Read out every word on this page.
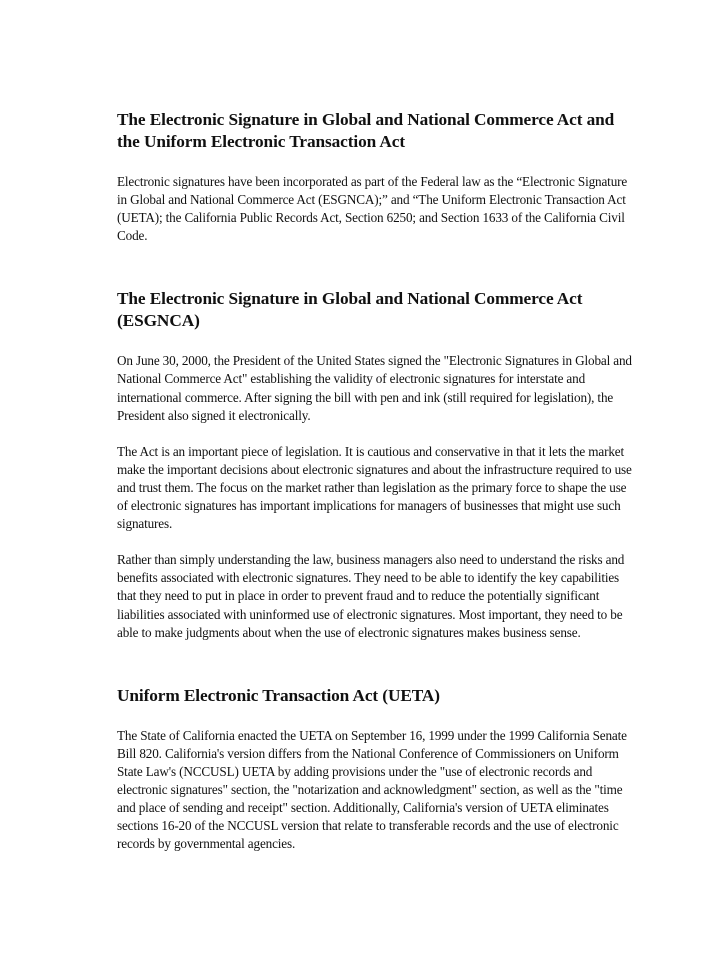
The Electronic Signature in Global and National Commerce Act and the Uniform Electronic Transaction Act

Electronic signatures have been incorporated as part of the Federal law as the “Electronic Signature in Global and National Commerce Act (ESGNCA);” and “The Uniform Electronic Transaction Act (UETA); the California Public Records Act, Section 6250; and Section 1633 of the California Civil Code.

The Electronic Signature in Global and National Commerce Act (ESGNCA)

On June 30, 2000, the President of the United States signed the "Electronic Signatures in Global and National Commerce Act" establishing the validity of electronic signatures for interstate and international commerce. After signing the bill with pen and ink (still required for legislation), the President also signed it electronically.

The Act is an important piece of legislation. It is cautious and conservative in that it lets the market make the important decisions about electronic signatures and about the infrastructure required to use and trust them. The focus on the market rather than legislation as the primary force to shape the use of electronic signatures has important implications for managers of businesses that might use such signatures.

Rather than simply understanding the law, business managers also need to understand the risks and benefits associated with electronic signatures. They need to be able to identify the key capabilities that they need to put in place in order to prevent fraud and to reduce the potentially significant liabilities associated with uninformed use of electronic signatures. Most important, they need to be able to make judgments about when the use of electronic signatures makes business sense.

Uniform Electronic Transaction Act (UETA)

The State of California enacted the UETA on September 16, 1999 under the 1999 California Senate Bill 820. California's version differs from the National Conference of Commissioners on Uniform State Law's (NCCUSL) UETA by adding provisions under the "use of electronic records and electronic signatures" section, the "notarization and acknowledgment" section, as well as the "time and place of sending and receipt" section. Additionally, California's version of UETA eliminates sections 16-20 of the NCCUSL version that relate to transferable records and the use of electronic records by governmental agencies.
